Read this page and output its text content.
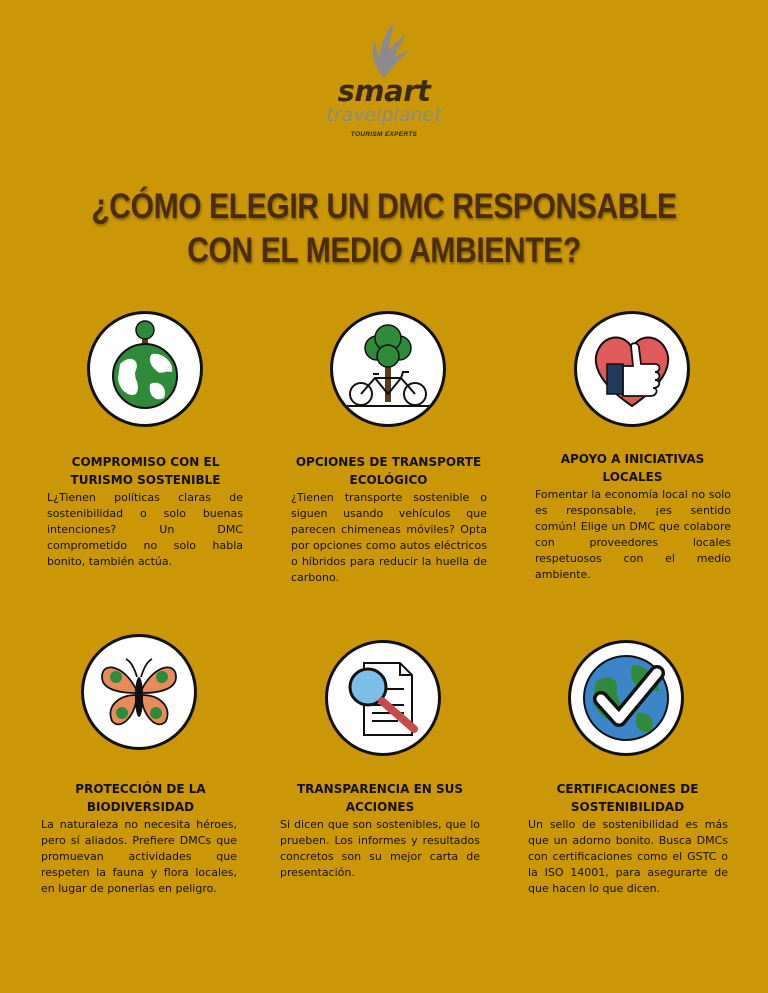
smart
travelplanet
TOURISM EXPERTS
¿CÓMO ELEGIR UN DMC RESPONSABLE
CON EL MEDIO AMBIENTE?
COMPROMISO CON EL TURISMO SOSTENIBLE
L¿Tienen políticas claras de sostenibilidad o solo buenas intenciones? Un DMC comprometido no solo habla bonito, también actúa.
OPCIONES DE TRANSPORTE ECOLÓGICO
¿Tienen transporte sostenible o siguen usando vehículos que parecen chimeneas móviles? Opta por opciones como autos eléctricos o híbridos para reducir la huella de carbono.
APOYO A INICIATIVAS LOCALES
Fomentar la economía local no solo es responsable, ¡es sentido común! Elige un DMC que colabore con proveedores locales respetuosos con el medio ambiente.
PROTECCIÓN DE LA BIODIVERSIDAD
La naturaleza no necesita héroes, pero sí aliados. Prefiere DMCs que promuevan actividades que respeten la fauna y flora locales, en lugar de ponerlas en peligro.
TRANSPARENCIA EN SUS ACCIONES
Si dicen que son sostenibles, que lo prueben. Los informes y resultados concretos son su mejor carta de presentación.
CERTIFICACIONES DE SOSTENIBILIDAD
Un sello de sostenibilidad es más que un adorno bonito. Busca DMCs con certificaciones como el GSTC o la ISO 14001, para asegurarte de que hacen lo que dicen.
